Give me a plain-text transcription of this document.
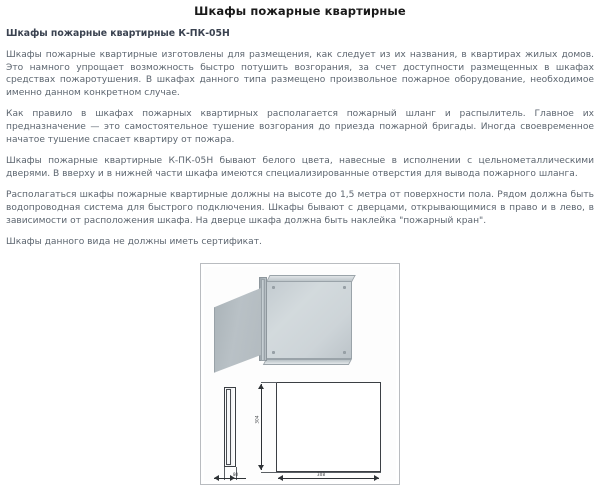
Шкафы пожарные квартирные
Шкафы пожарные квартирные К-ПК-05Н

Шкафы пожарные квартирные изготовлены для размещения, как следует из их названия, в квартирах жилых домов. Это намного упрощает возможность быстро потушить возгорания, за счет доступности размещенных в шкафах средствах пожаротушения. В шкафах данного типа размещено произвольное пожарное оборудование, необходимое именно данном конкретном случае.

Как правило в шкафах пожарных квартирных располагается пожарный шланг и распылитель. Главное их предназначение — это самостоятельное тушение возгорания до приезда пожарной бригады. Иногда своевременное начатое тушение спасает квартиру от пожара.

Шкафы пожарные квартирные К-ПК-05Н бывают белого цвета, навесные в исполнении с цельнометаллическими дверями. В вверху и в нижней части шкафа имеются специализированные отверстия для вывода пожарного шланга.

Располагаться шкафы пожарные квартирные должны на высоте до 1,5 метра от поверхности пола. Рядом должна быть водопроводная система для быстрого подключения. Шкафы бывают с дверцами, открывающимися в право и в лево, в зависимости от расположения шкафа. На дверце шкафа должна быть наклейка "пожарный кран".

Шкафы данного вида не должны иметь сертификат.

304
308
80
